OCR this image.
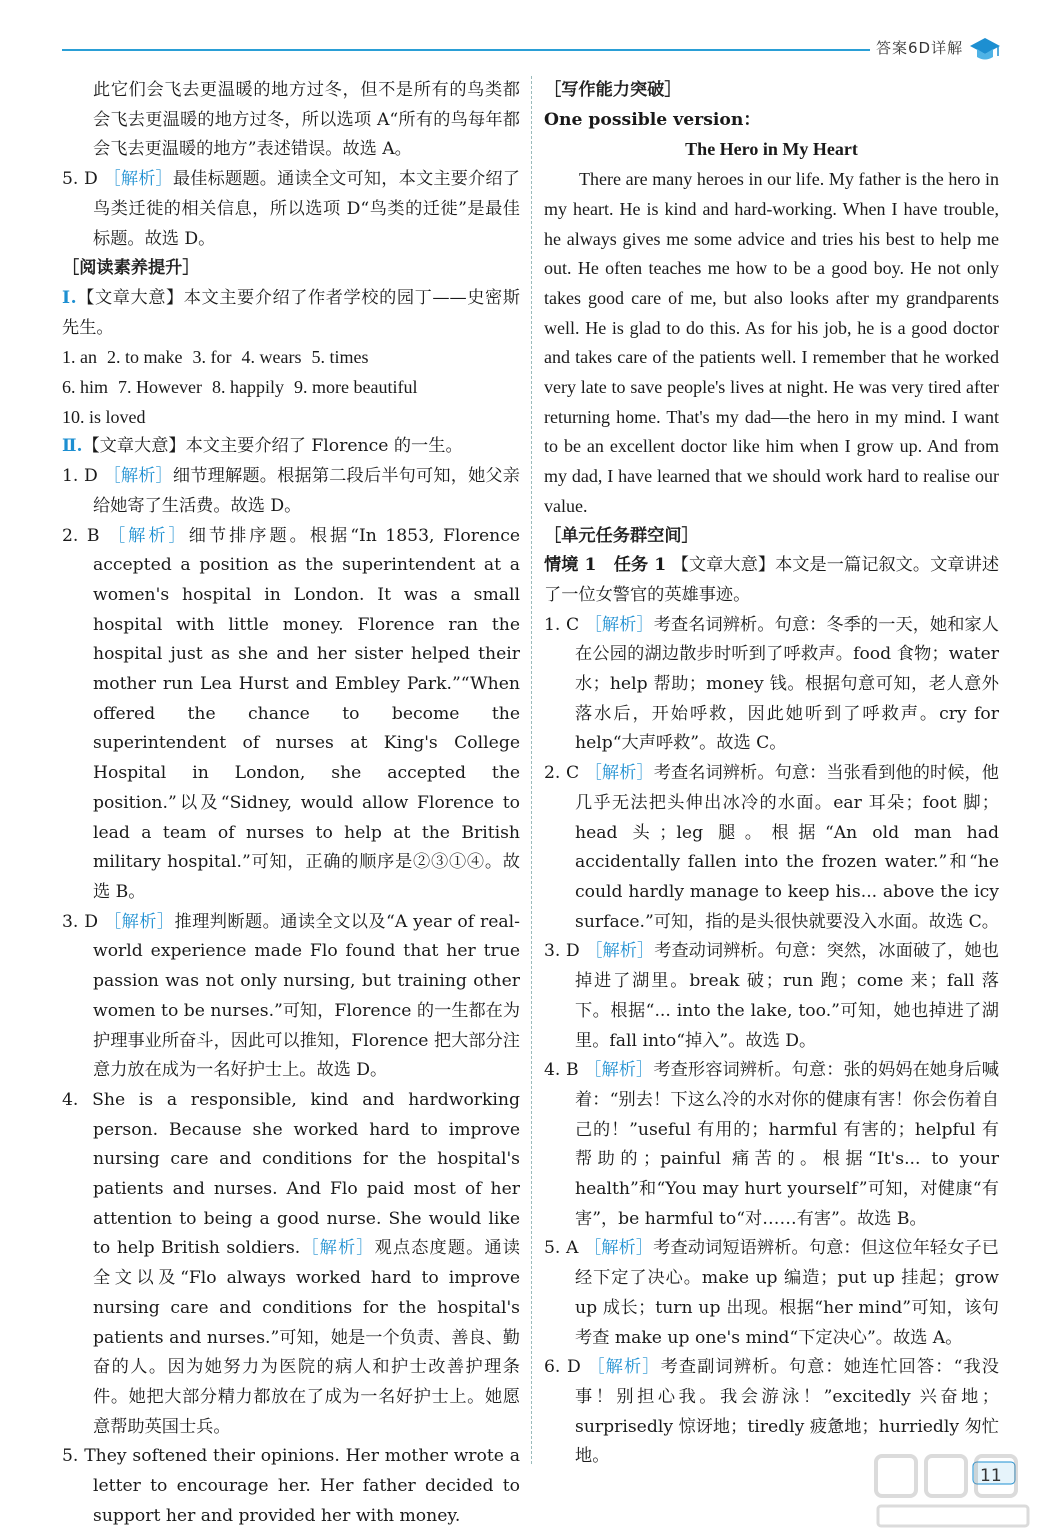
答案6D详解

此它们会飞去更温暖的地方过冬，但不是所有的鸟类都会飞去更温暖的地方过冬，所以选项 A“所有的鸟每年都会飞去更温暖的地方”表述错误。故选 A。

5. D ［解析］最佳标题题。通读全文可知，本文主要介绍了鸟类迁徙的相关信息，所以选项 D“鸟类的迁徙”是最佳标题。故选 D。

［阅读素养提升］

Ⅰ.【文章大意】本文主要介绍了作者学校的园丁——史密斯先生。

1. an 2. to make 3. for 4. wears 5. times

6. him 7. However 8. happily 9. more beautiful

10. is loved

Ⅱ.【文章大意】本文主要介绍了 Florence 的一生。

1. D ［解析］细节理解题。根据第二段后半句可知，她父亲给她寄了生活费。故选 D。

2. B ［解析］细节排序题。根据“In 1853, Florence accepted a position as the superintendent at a women's hospital in London. It was a small hospital with little money. Florence ran the hospital just as she and her sister helped their mother run Lea Hurst and Embley Park.”“When offered the chance to become the superintendent of nurses at King's College Hospital in London, she accepted the position.”以及“Sidney, would allow Florence to lead a team of nurses to help at the British military hospital.”可知，正确的顺序是②③①④。故选 B。

3. D ［解析］推理判断题。通读全文以及“A year of real-world experience made Flo found that her true passion was not only nursing, but training other women to be nurses.”可知，Florence 的一生都在为护理事业所奋斗，因此可以推知，Florence 把大部分注意力放在成为一名好护士上。故选 D。

4. She is a responsible, kind and hardworking person. Because she worked hard to improve nursing care and conditions for the hospital's patients and nurses. And Flo paid most of her attention to being a good nurse. She would like to help British soldiers.［解析］观点态度题。通读全文以及“Flo always worked hard to improve nursing care and conditions for the hospital's patients and nurses.”可知，她是一个负责、善良、勤奋的人。因为她努力为医院的病人和护士改善护理条件。她把大部分精力都放在了成为一名好护士上。她愿意帮助英国士兵。

5. They softened their opinions. Her mother wrote a letter to encourage her. Her father decided to support her and provided her with money.

［写作能力突破］

One possible version：

The Hero in My Heart

There are many heroes in our life. My father is the hero in my heart. He is kind and hard-working. When I have trouble, he always gives me some advice and tries his best to help me out. He often teaches me how to be a good boy. He not only takes good care of me, but also looks after my grandparents well. He is glad to do this. As for his job, he is a good doctor and takes care of the patients well. I remember that he worked very late to save people's lives at night. He was very tired after returning home. That's my dad—the hero in my mind. I want to be an excellent doctor like him when I grow up. And from my dad, I have learned that we should work hard to realise our value.

［单元任务群空间］

情境 1　任务 1 【文章大意】本文是一篇记叙文。文章讲述了一位女警官的英雄事迹。

1. C ［解析］考查名词辨析。句意：冬季的一天，她和家人在公园的湖边散步时听到了呼救声。food 食物；water 水；help 帮助；money 钱。根据句意可知，老人意外落水后，开始呼救，因此她听到了呼救声。cry for help“大声呼救”。故选 C。

2. C ［解析］考查名词辨析。句意：当张看到他的时候，他几乎无法把头伸出冰冷的水面。ear 耳朵；foot 脚；head 头；leg 腿。根据“An old man had accidentally fallen into the frozen water.”和“he could hardly manage to keep his... above the icy surface.”可知，指的是头很快就要没入水面。故选 C。

3. D ［解析］考查动词辨析。句意：突然，冰面破了，她也掉进了湖里。break 破；run 跑；come 来；fall 落下。根据“... into the lake, too.”可知，她也掉进了湖里。fall into“掉入”。故选 D。

4. B ［解析］考查形容词辨析。句意：张的妈妈在她身后喊着：“别去！下这么冷的水对你的健康有害！你会伤着自己的！”useful 有用的；harmful 有害的；helpful 有帮助的；painful 痛苦的。根据“It's... to your health”和“You may hurt yourself”可知，对健康“有害”，be harmful to“对……有害”。故选 B。

5. A ［解析］考查动词短语辨析。句意：但这位年轻女子已经下定了决心。make up 编造；put up 挂起；grow up 成长；turn up 出现。根据“her mind”可知，该句考查 make up one's mind“下定决心”。故选 A。

6. D ［解析］考查副词辨析。句意：她连忙回答：“我没事！别担心我。我会游泳！”excitedly 兴奋地；surprisedly 惊讶地；tiredly 疲惫地；hurriedly 匆忙地。

11
